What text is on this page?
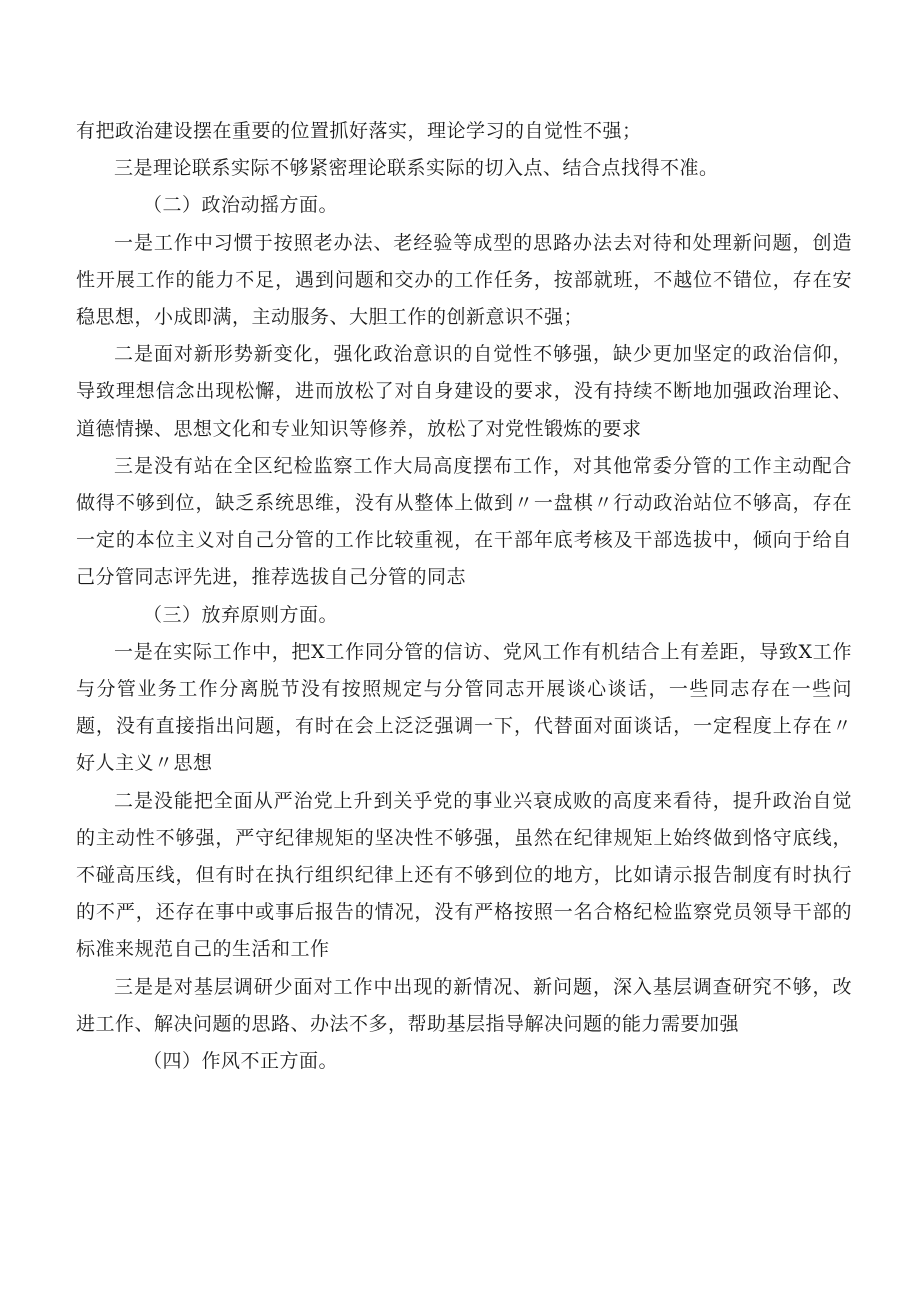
有把政治建设摆在重要的位置抓好落实，理论学习的自觉性不强；

三是理论联系实际不够紧密理论联系实际的切入点、结合点找得不准。

（二）政治动摇方面。

一是工作中习惯于按照老办法、老经验等成型的思路办法去对待和处理新问题，创造性开展工作的能力不足，遇到问题和交办的工作任务，按部就班，不越位不错位，存在安稳思想，小成即满，主动服务、大胆工作的创新意识不强；

二是面对新形势新变化，强化政治意识的自觉性不够强，缺少更加坚定的政治信仰，导致理想信念出现松懈，进而放松了对自身建设的要求，没有持续不断地加强政治理论、道德情操、思想文化和专业知识等修养，放松了对党性锻炼的要求

三是没有站在全区纪检监察工作大局高度摆布工作，对其他常委分管的工作主动配合做得不够到位，缺乏系统思维，没有从整体上做到〃一盘棋〃行动政治站位不够高，存在一定的本位主义对自己分管的工作比较重视，在干部年底考核及干部选拔中，倾向于给自己分管同志评先进，推荐选拔自己分管的同志

（三）放弃原则方面。

一是在实际工作中，把X工作同分管的信访、党风工作有机结合上有差距，导致X工作与分管业务工作分离脱节没有按照规定与分管同志开展谈心谈话，一些同志存在一些问题，没有直接指出问题，有时在会上泛泛强调一下，代替面对面谈话，一定程度上存在〃好人主义〃思想

二是没能把全面从严治党上升到关乎党的事业兴衰成败的高度来看待，提升政治自觉的主动性不够强，严守纪律规矩的坚决性不够强，虽然在纪律规矩上始终做到恪守底线，不碰高压线，但有时在执行组织纪律上还有不够到位的地方，比如请示报告制度有时执行的不严，还存在事中或事后报告的情况，没有严格按照一名合格纪检监察党员领导干部的标准来规范自己的生活和工作

三是是对基层调研少面对工作中出现的新情况、新问题，深入基层调查研究不够，改进工作、解决问题的思路、办法不多，帮助基层指导解决问题的能力需要加强

（四）作风不正方面。
